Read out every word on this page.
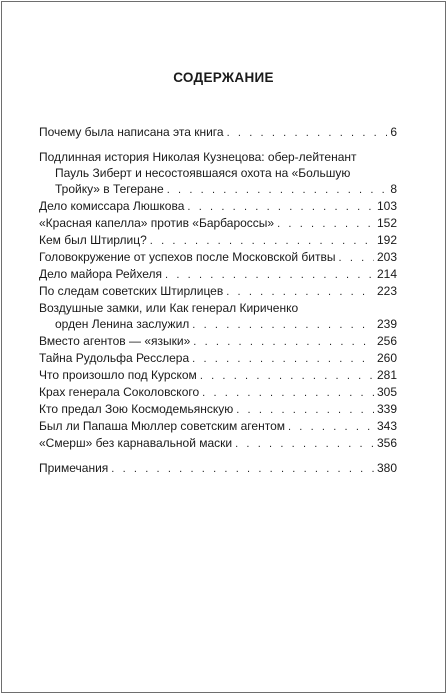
СОДЕРЖАНИЕ
Почему была написана эта книга . . .	6
Подлинная история Николая Кузнецова: обер-лейтенант
Пауль Зиберт и несостоявшаяся охота на «Большую
Тройку» в Тегеране . . .	8
Дело комиссара Люшкова . . .	103
«Красная капелла» против «Барбароссы» . . .	152
Кем был Штирлиц? . . .	192
Головокружение от успехов после Московской битвы . . .	203
Дело майора Рейхеля . . .	214
По следам советских Штирлицев . . .	223
Воздушные замки, или Как генерал Кириченко
орден Ленина заслужил . . .	239
Вместо агентов — «языки» . . .	256
Тайна Рудольфа Ресслера . . .	260
Что произошло под Курском . . .	281
Крах генерала Соколовского . . .	305
Кто предал Зою Космодемьянскую . . .	339
Был ли Папаша Мюллер советским агентом . . .	343
«Смерш» без карнавальной маски . . .	356
Примечания . . .	380
